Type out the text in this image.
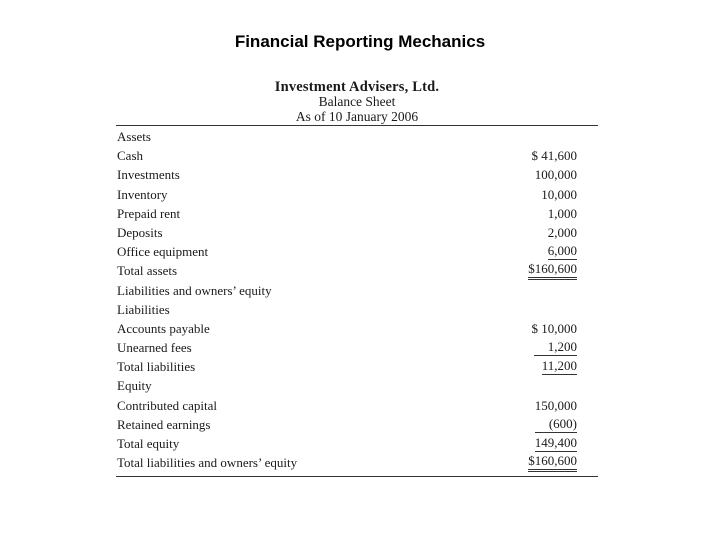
Financial Reporting Mechanics
Investment Advisers, Ltd.
Balance Sheet
As of 10 January 2006
Assets
Cash	$ 41,600
Investments	100,000
Inventory	10,000
Prepaid rent	1,000
Deposits	2,000
Office equipment	6,000
Total assets	$160,600
Liabilities and owners’ equity
Liabilities
Accounts payable	$ 10,000
Unearned fees	1,200
Total liabilities	11,200
Equity
Contributed capital	150,000
Retained earnings	(600)
Total equity	149,400
Total liabilities and owners’ equity	$160,600
